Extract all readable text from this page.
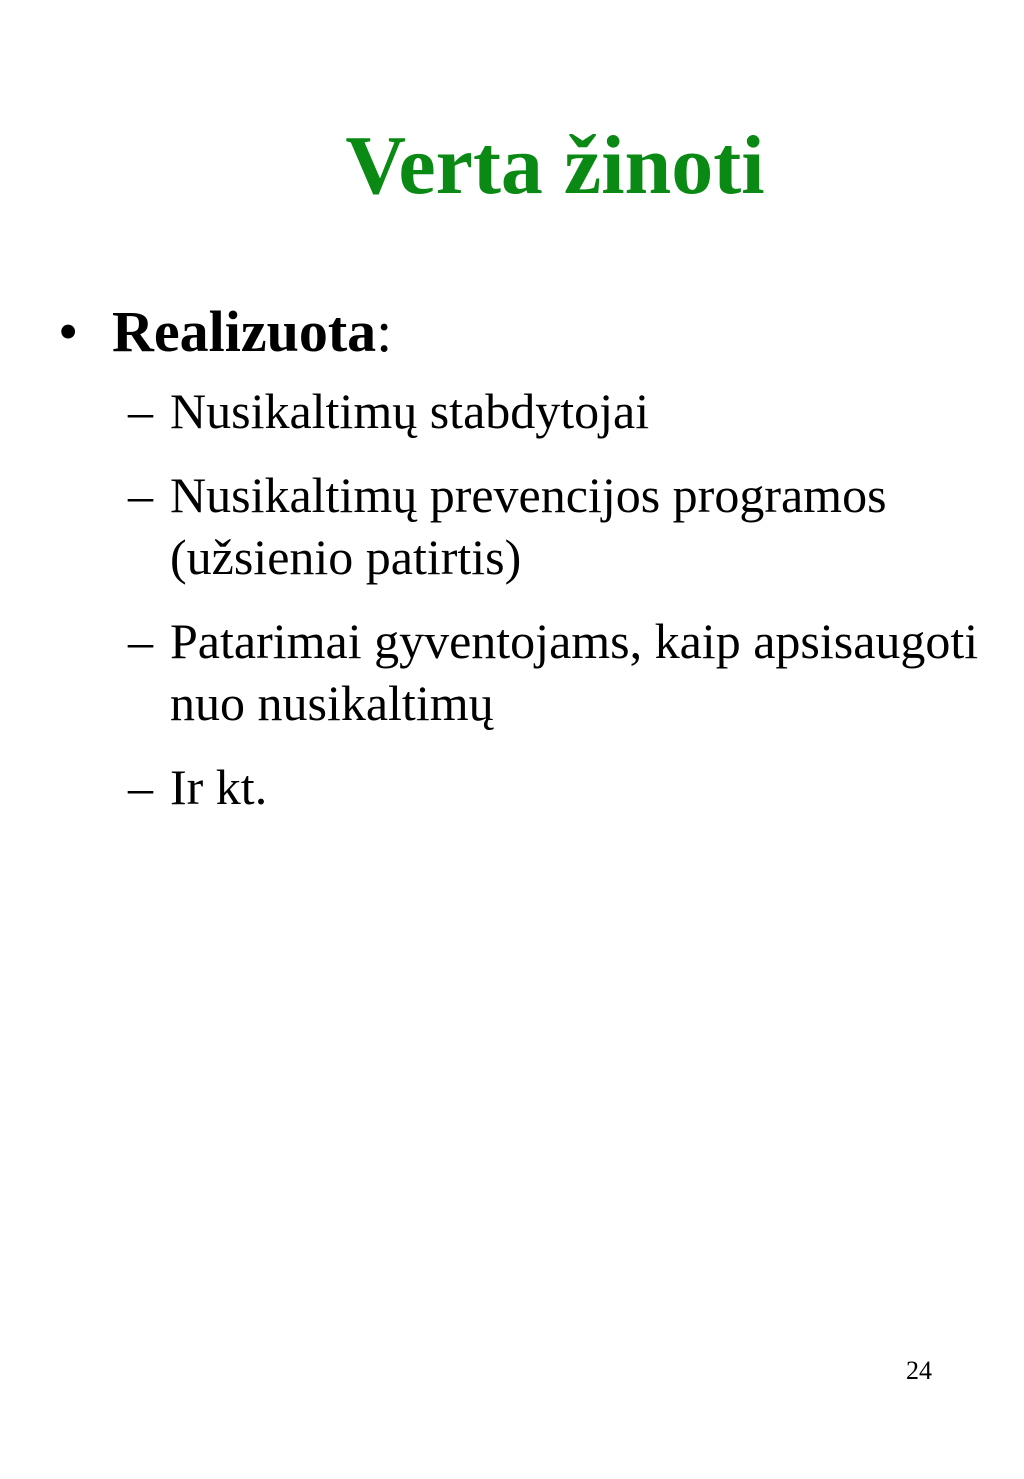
Verta žinoti
• Realizuota:
– Nusikaltimų stabdytojai
– Nusikaltimų prevencijos programos (užsienio patirtis)
– Patarimai gyventojams, kaip apsisaugoti nuo nusikaltimų
– Ir kt.
24
